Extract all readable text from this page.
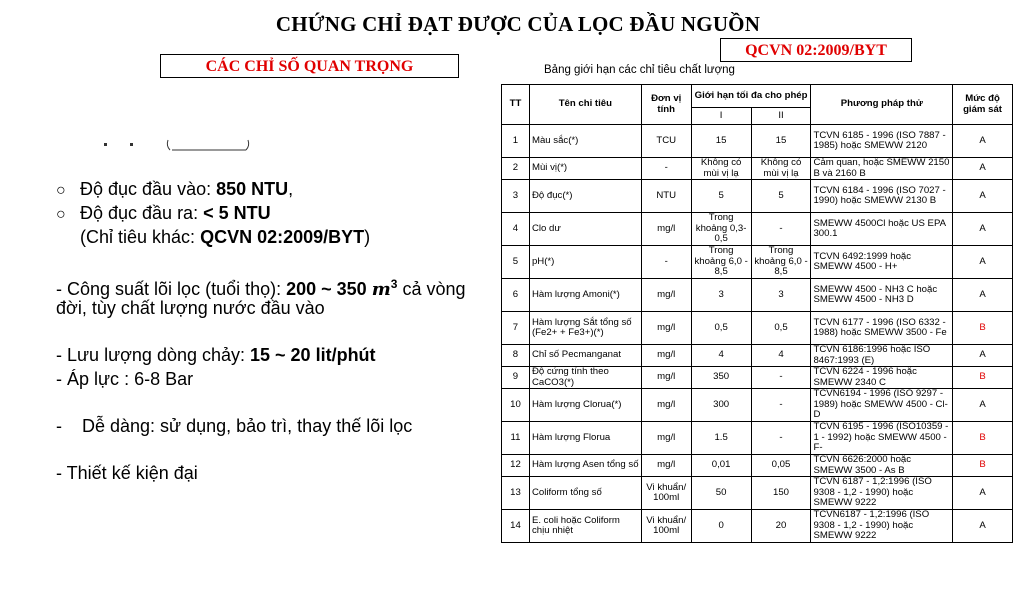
CHỨNG CHỈ ĐẠT ĐƯỢC CỦA LỌC ĐẦU NGUỒN
CÁC CHỈ SỐ QUAN TRỌNG
QCVN 02:2009/BYT
○ Độ đục đầu vào: 850 NTU,
○ Độ đục đầu ra: < 5 NTU
(Chỉ tiêu khác: QCVN 02:2009/BYT)
- Công suất lõi lọc (tuổi thọ): 200 ~ 350 $m^3$ cả vòng
đời, tùy chất lượng nước đầu vào
- Lưu lượng dòng chảy: 15 ~ 20 lit/phút
- Áp lực : 6-8 Bar
-    Dễ dàng: sử dụng, bảo trì, thay thế lõi lọc
- Thiết kế kiện đại
Bảng giới hạn các chỉ tiêu chất lượng
TT	Tên chỉ tiêu	Đơn vị tính	Giới hạn tối đa cho phép		Phương pháp thử	Mức độ giám sát
			I	II		
1	Màu sắc(*)	TCU	15	15	TCVN 6185 - 1996 (ISO 7887 - 1985) hoặc SMEWW 2120	A
2	Mùi vị(*)	-	Không có mùi vị lạ	Không có mùi vị lạ	Cảm quan, hoặc SMEWW 2150 B và 2160 B	A
3	Độ đục(*)	NTU	5	5	TCVN 6184 - 1996 (ISO 7027 - 1990) hoặc SMEWW 2130 B	A
4	Clo dư	mg/l	Trong khoảng 0,3-0,5	-	SMEWW 4500Cl hoặc US EPA 300.1	A
5	pH(*)	-	Trong khoảng 6,0 - 8,5	Trong khoảng 6,0 - 8,5	TCVN 6492:1999 hoặc SMEWW 4500 - H+	A
6	Hàm lượng Amoni(*)	mg/l	3	3	SMEWW 4500 - NH3 C hoặc SMEWW 4500 - NH3 D	A
7	Hàm lượng Sắt tổng số (Fe2+ + Fe3+)(*)	mg/l	0,5	0,5	TCVN 6177 - 1996 (ISO 6332 - 1988) hoặc SMEWW 3500 - Fe	B
8	Chỉ số Pecmanganat	mg/l	4	4	TCVN 6186:1996 hoặc ISO 8467:1993 (E)	A
9	Độ cứng tính theo CaCO3(*)	mg/l	350	-	TCVN 6224 - 1996 hoặc SMEWW 2340 C	B
10	Hàm lượng Clorua(*)	mg/l	300	-	TCVN6194 - 1996 (ISO 9297 - 1989) hoặc SMEWW 4500 - Cl- D	A
11	Hàm lượng Florua	mg/l	1.5	-	TCVN 6195 - 1996 (ISO10359 - 1 - 1992) hoặc SMEWW 4500 - F-	B
12	Hàm lượng Asen tổng số	mg/l	0,01	0,05	TCVN 6626:2000 hoặc SMEWW 3500 - As B	B
13	Coliform tổng số	Vi khuẩn/ 100ml	50	150	TCVN 6187 - 1,2:1996 (ISO 9308 - 1,2 - 1990) hoặc SMEWW 9222	A
14	E. coli hoặc Coliform chịu nhiệt	Vi khuẩn/ 100ml	0	20	TCVN6187 - 1,2:1996 (ISO 9308 - 1,2 - 1990) hoặc SMEWW 9222	A
